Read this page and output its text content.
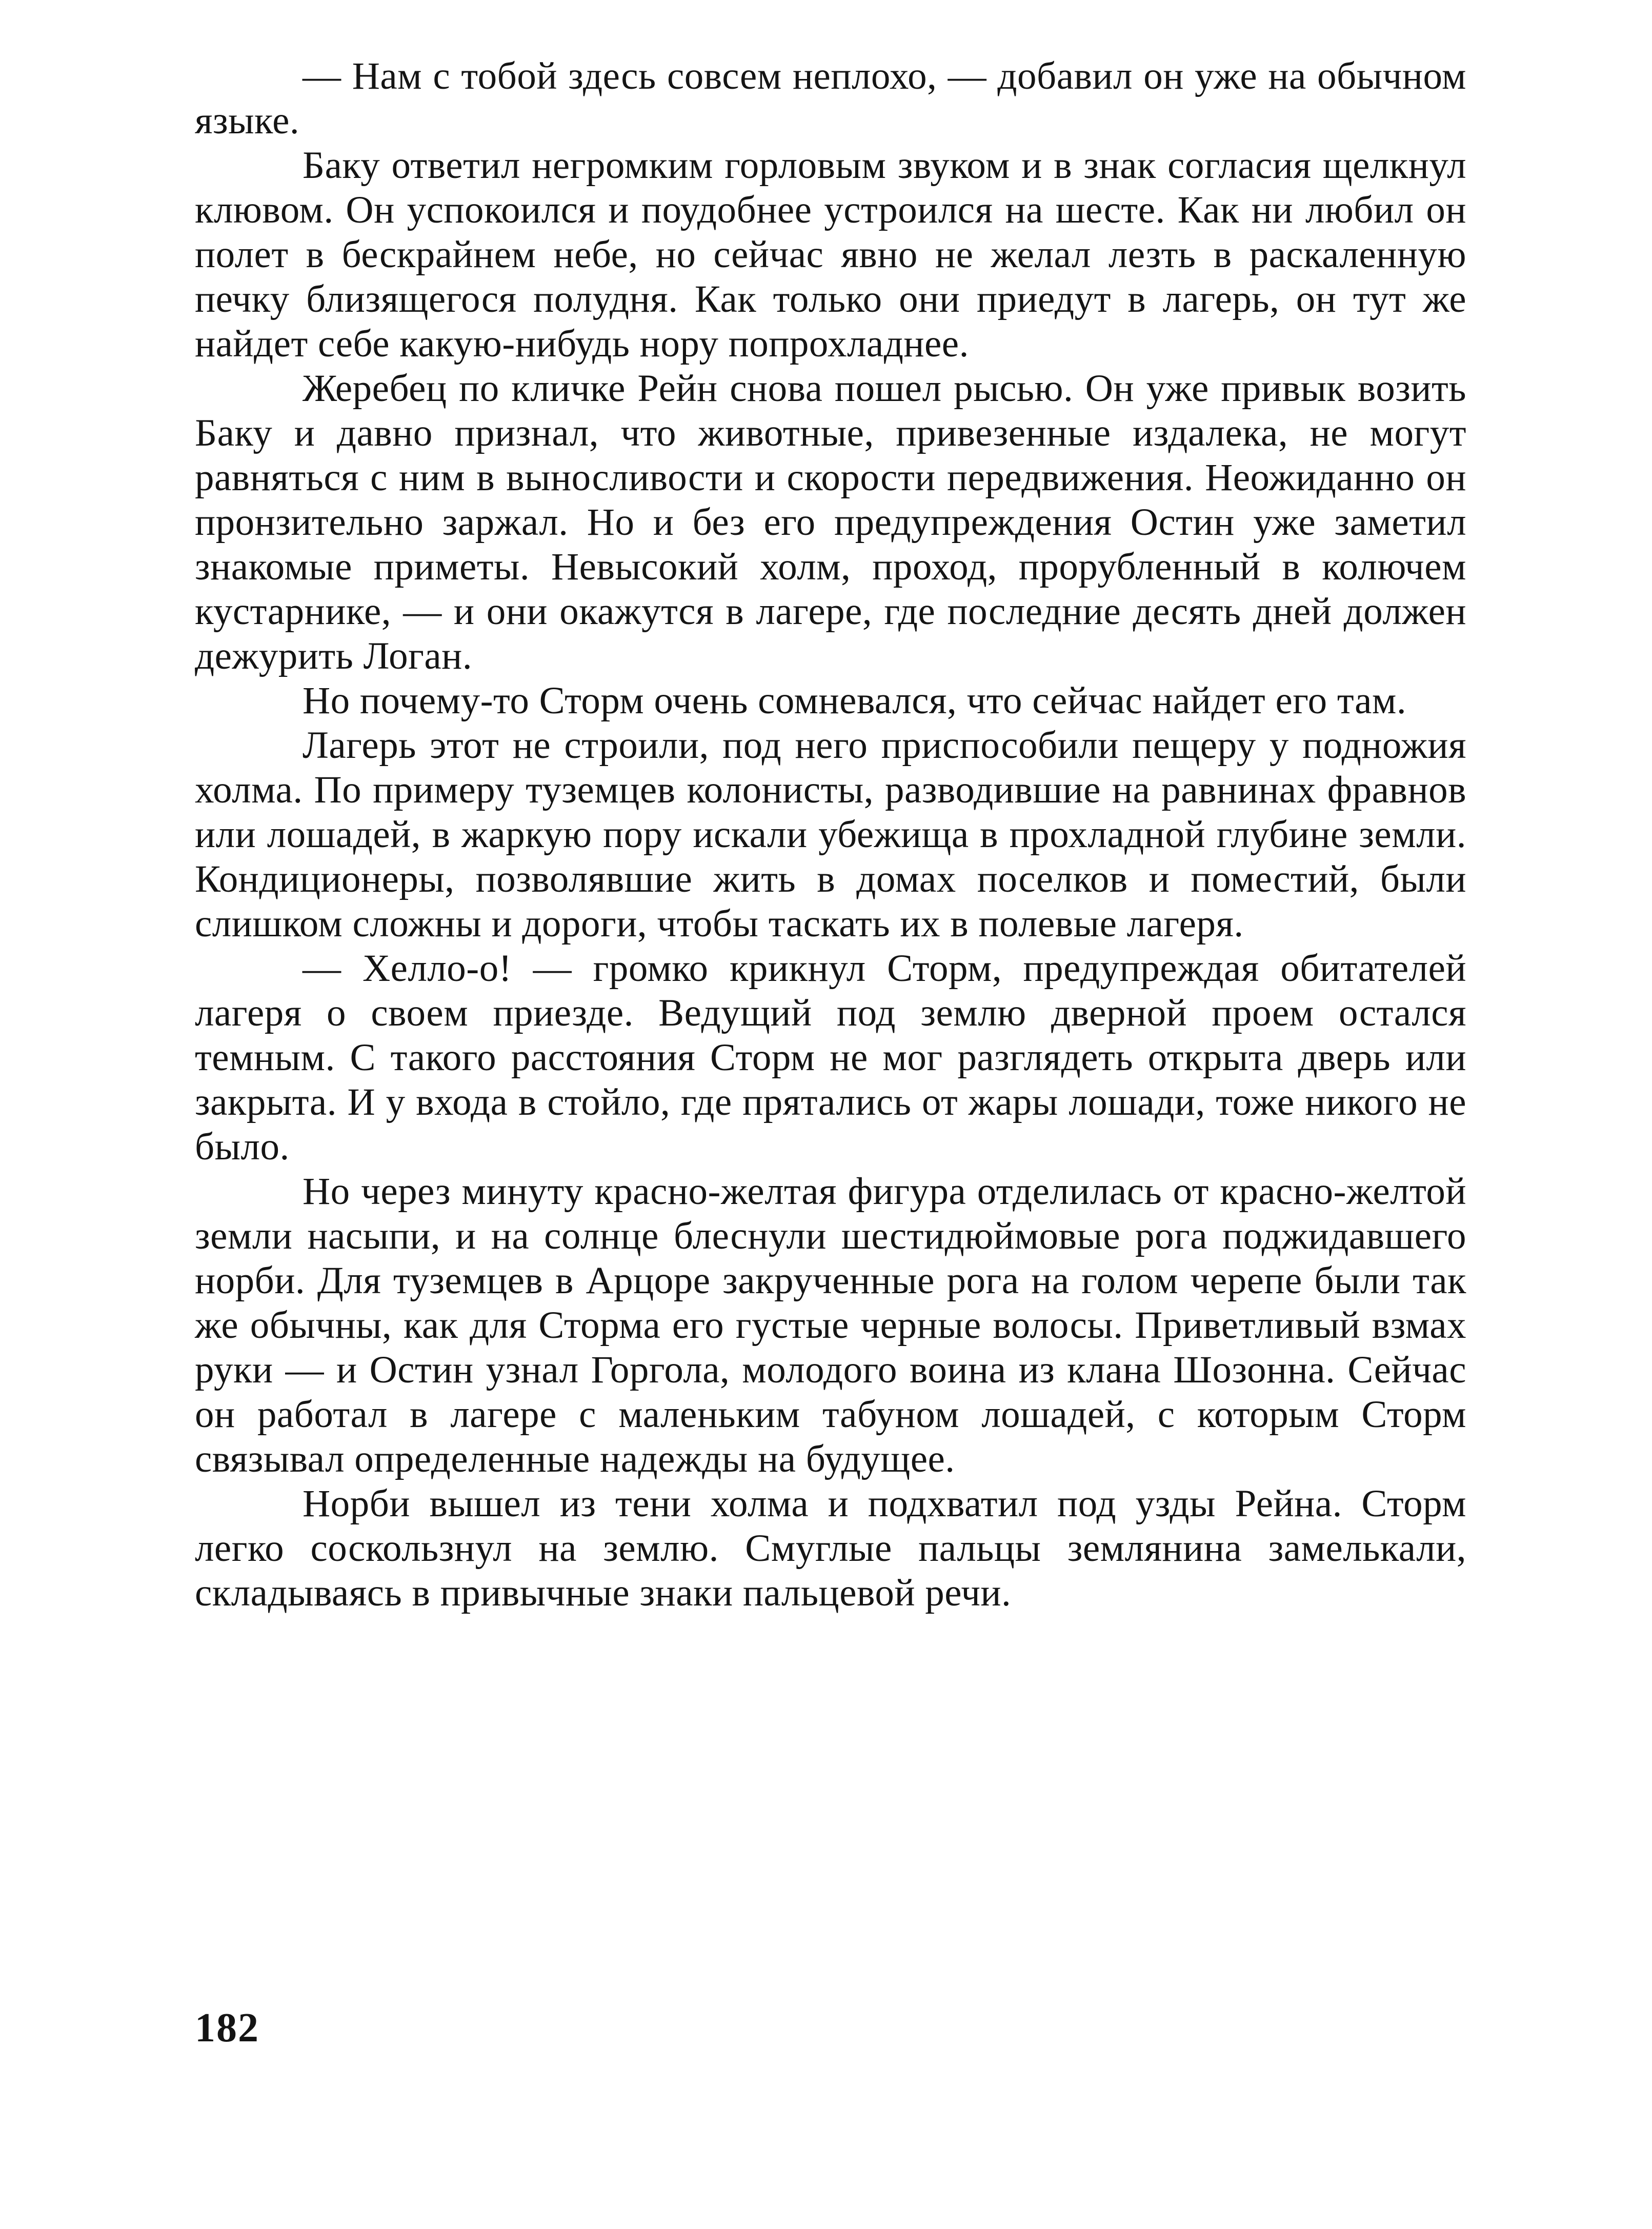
— Нам с тобой здесь совсем неплохо, — добавил он уже на обычном языке.

Баку ответил негромким горловым звуком и в знак согласия щелкнул клювом. Он успокоился и поудобнее устроился на шесте. Как ни любил он полет в бескрайнем небе, но сейчас явно не желал лезть в раскаленную печку близящегося полудня. Как только они приедут в лагерь, он тут же найдет себе какую-нибудь нору попрохладнее.

Жеребец по кличке Рейн снова пошел рысью. Он уже привык возить Баку и давно признал, что животные, привезенные издалека, не могут равняться с ним в выносливости и скорости передвижения. Неожиданно он пронзительно заржал. Но и без его предупреждения Остин уже заметил знакомые приметы. Невысокий холм, проход, прорубленный в колючем кустарнике, — и они окажутся в лагере, где последние десять дней должен дежурить Логан.

Но почему-то Сторм очень сомневался, что сейчас найдет его там.

Лагерь этот не строили, под него приспособили пещеру у подножия холма. По примеру туземцев колонисты, разводившие на равнинах фравнов или лошадей, в жаркую пору искали убежища в прохладной глубине земли. Кондиционеры, позволявшие жить в домах поселков и поместий, были слишком сложны и дороги, чтобы таскать их в полевые лагеря.

— Хелло-о! — громко крикнул Сторм, предупреждая обитателей лагеря о своем приезде. Ведущий под землю дверной проем остался темным. С такого расстояния Сторм не мог разглядеть открыта дверь или закрыта. И у входа в стойло, где прятались от жары лошади, тоже никого не было.

Но через минуту красно-желтая фигура отделилась от красно-желтой земли насыпи, и на солнце блеснули шестидюймовые рога поджидавшего норби. Для туземцев в Арцоре закрученные рога на голом черепе были так же обычны, как для Сторма его густые черные волосы. Приветливый взмах руки — и Остин узнал Горгола, молодого воина из клана Шозонна. Сейчас он работал в лагере с маленьким табуном лошадей, с которым Сторм связывал определенные надежды на будущее.

Норби вышел из тени холма и подхватил под узды Рейна. Сторм легко соскользнул на землю. Смуглые пальцы землянина замелькали, складываясь в привычные знаки пальцевой речи.

182
